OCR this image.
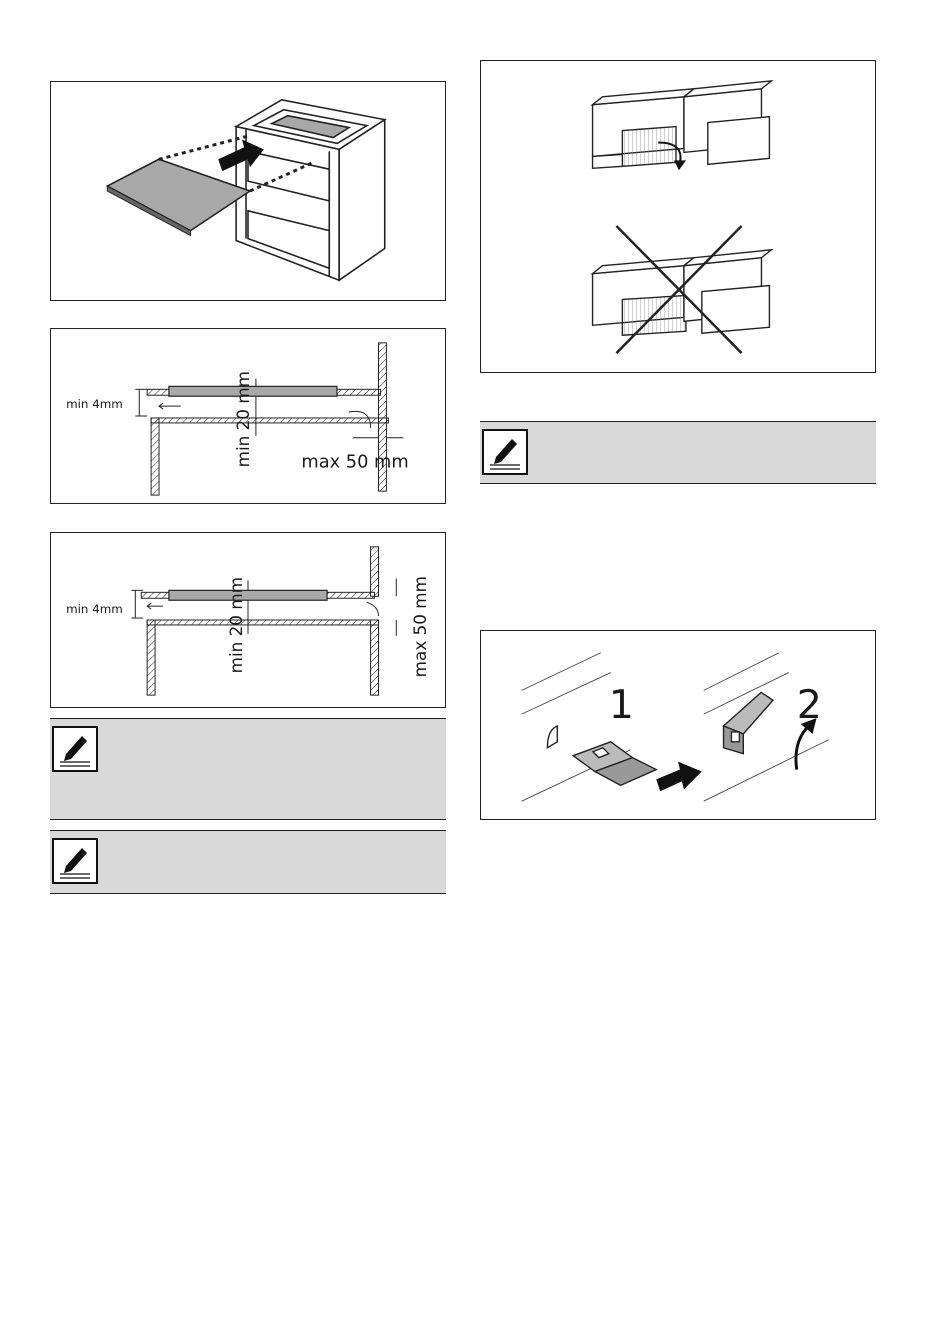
min 4mm	min 20 mm	max 50 mm
min 4mm	min 20 mm	max 50 mm
1	2
